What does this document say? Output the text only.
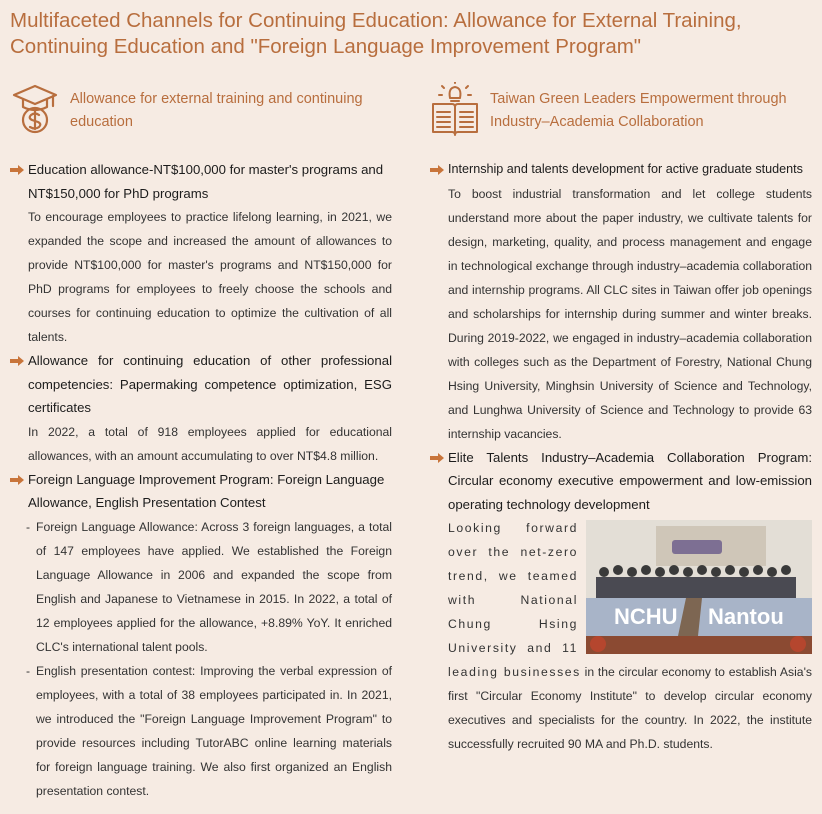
Multifaceted Channels for Continuing Education: Allowance for External Training,
Continuing Education and "Foreign Language Improvement Program"
Allowance for external training and continuing education
Education allowance-NT$100,000 for master's programs and NT$150,000 for PhD programs
To encourage employees to practice lifelong learning, in 2021, we expanded the scope and increased the amount of allowances to provide NT$100,000 for master's programs and NT$150,000 for PhD programs for employees to freely choose the schools and courses for continuing education to optimize the cultivation of all talents.
Allowance for continuing education of other professional competencies: Papermaking competence optimization, ESG certificates
In 2022, a total of 918 employees applied for educational allowances, with an amount accumulating to over NT$4.8 million.
Foreign Language Improvement Program: Foreign Language Allowance, English Presentation Contest
- Foreign Language Allowance: Across 3 foreign languages, a total of 147 employees have applied. We established the Foreign Language Allowance in 2006 and expanded the scope from English and Japanese to Vietnamese in 2015. In 2022, a total of 12 employees applied for the allowance, +8.89% YoY. It enriched CLC's international talent pools.
- English presentation contest: Improving the verbal expression of employees, with a total of 38 employees participated in. In 2021, we introduced the "Foreign Language Improvement Program" to provide resources including TutorABC online learning materials for foreign language training. We also first organized an English presentation contest.
Taiwan Green Leaders Empowerment through Industry–Academia Collaboration
Internship and talents development for active graduate students
To boost industrial transformation and let college students understand more about the paper industry, we cultivate talents for design, marketing, quality, and process management and engage in technological exchange through industry–academia collaboration and internship programs. All CLC sites in Taiwan offer job openings and scholarships for internship during summer and winter breaks. During 2019-2022, we engaged in industry–academia collaboration with colleges such as the Department of Forestry, National Chung Hsing University, Minghsin University of Science and Technology, and Lunghwa University of Science and Technology to provide 63 internship vacancies.
Elite Talents Industry–Academia Collaboration Program: Circular economy executive empowerment and low-emission operating technology development
NCHU Nantou
Looking forward over the net-zero trend, we teamed with National Chung Hsing University and 11 leading businesses in the circular economy to establish Asia's first "Circular Economy Institute" to develop circular economy executives and specialists for the country. In 2022, the institute successfully recruited 90 MA and Ph.D. students.
